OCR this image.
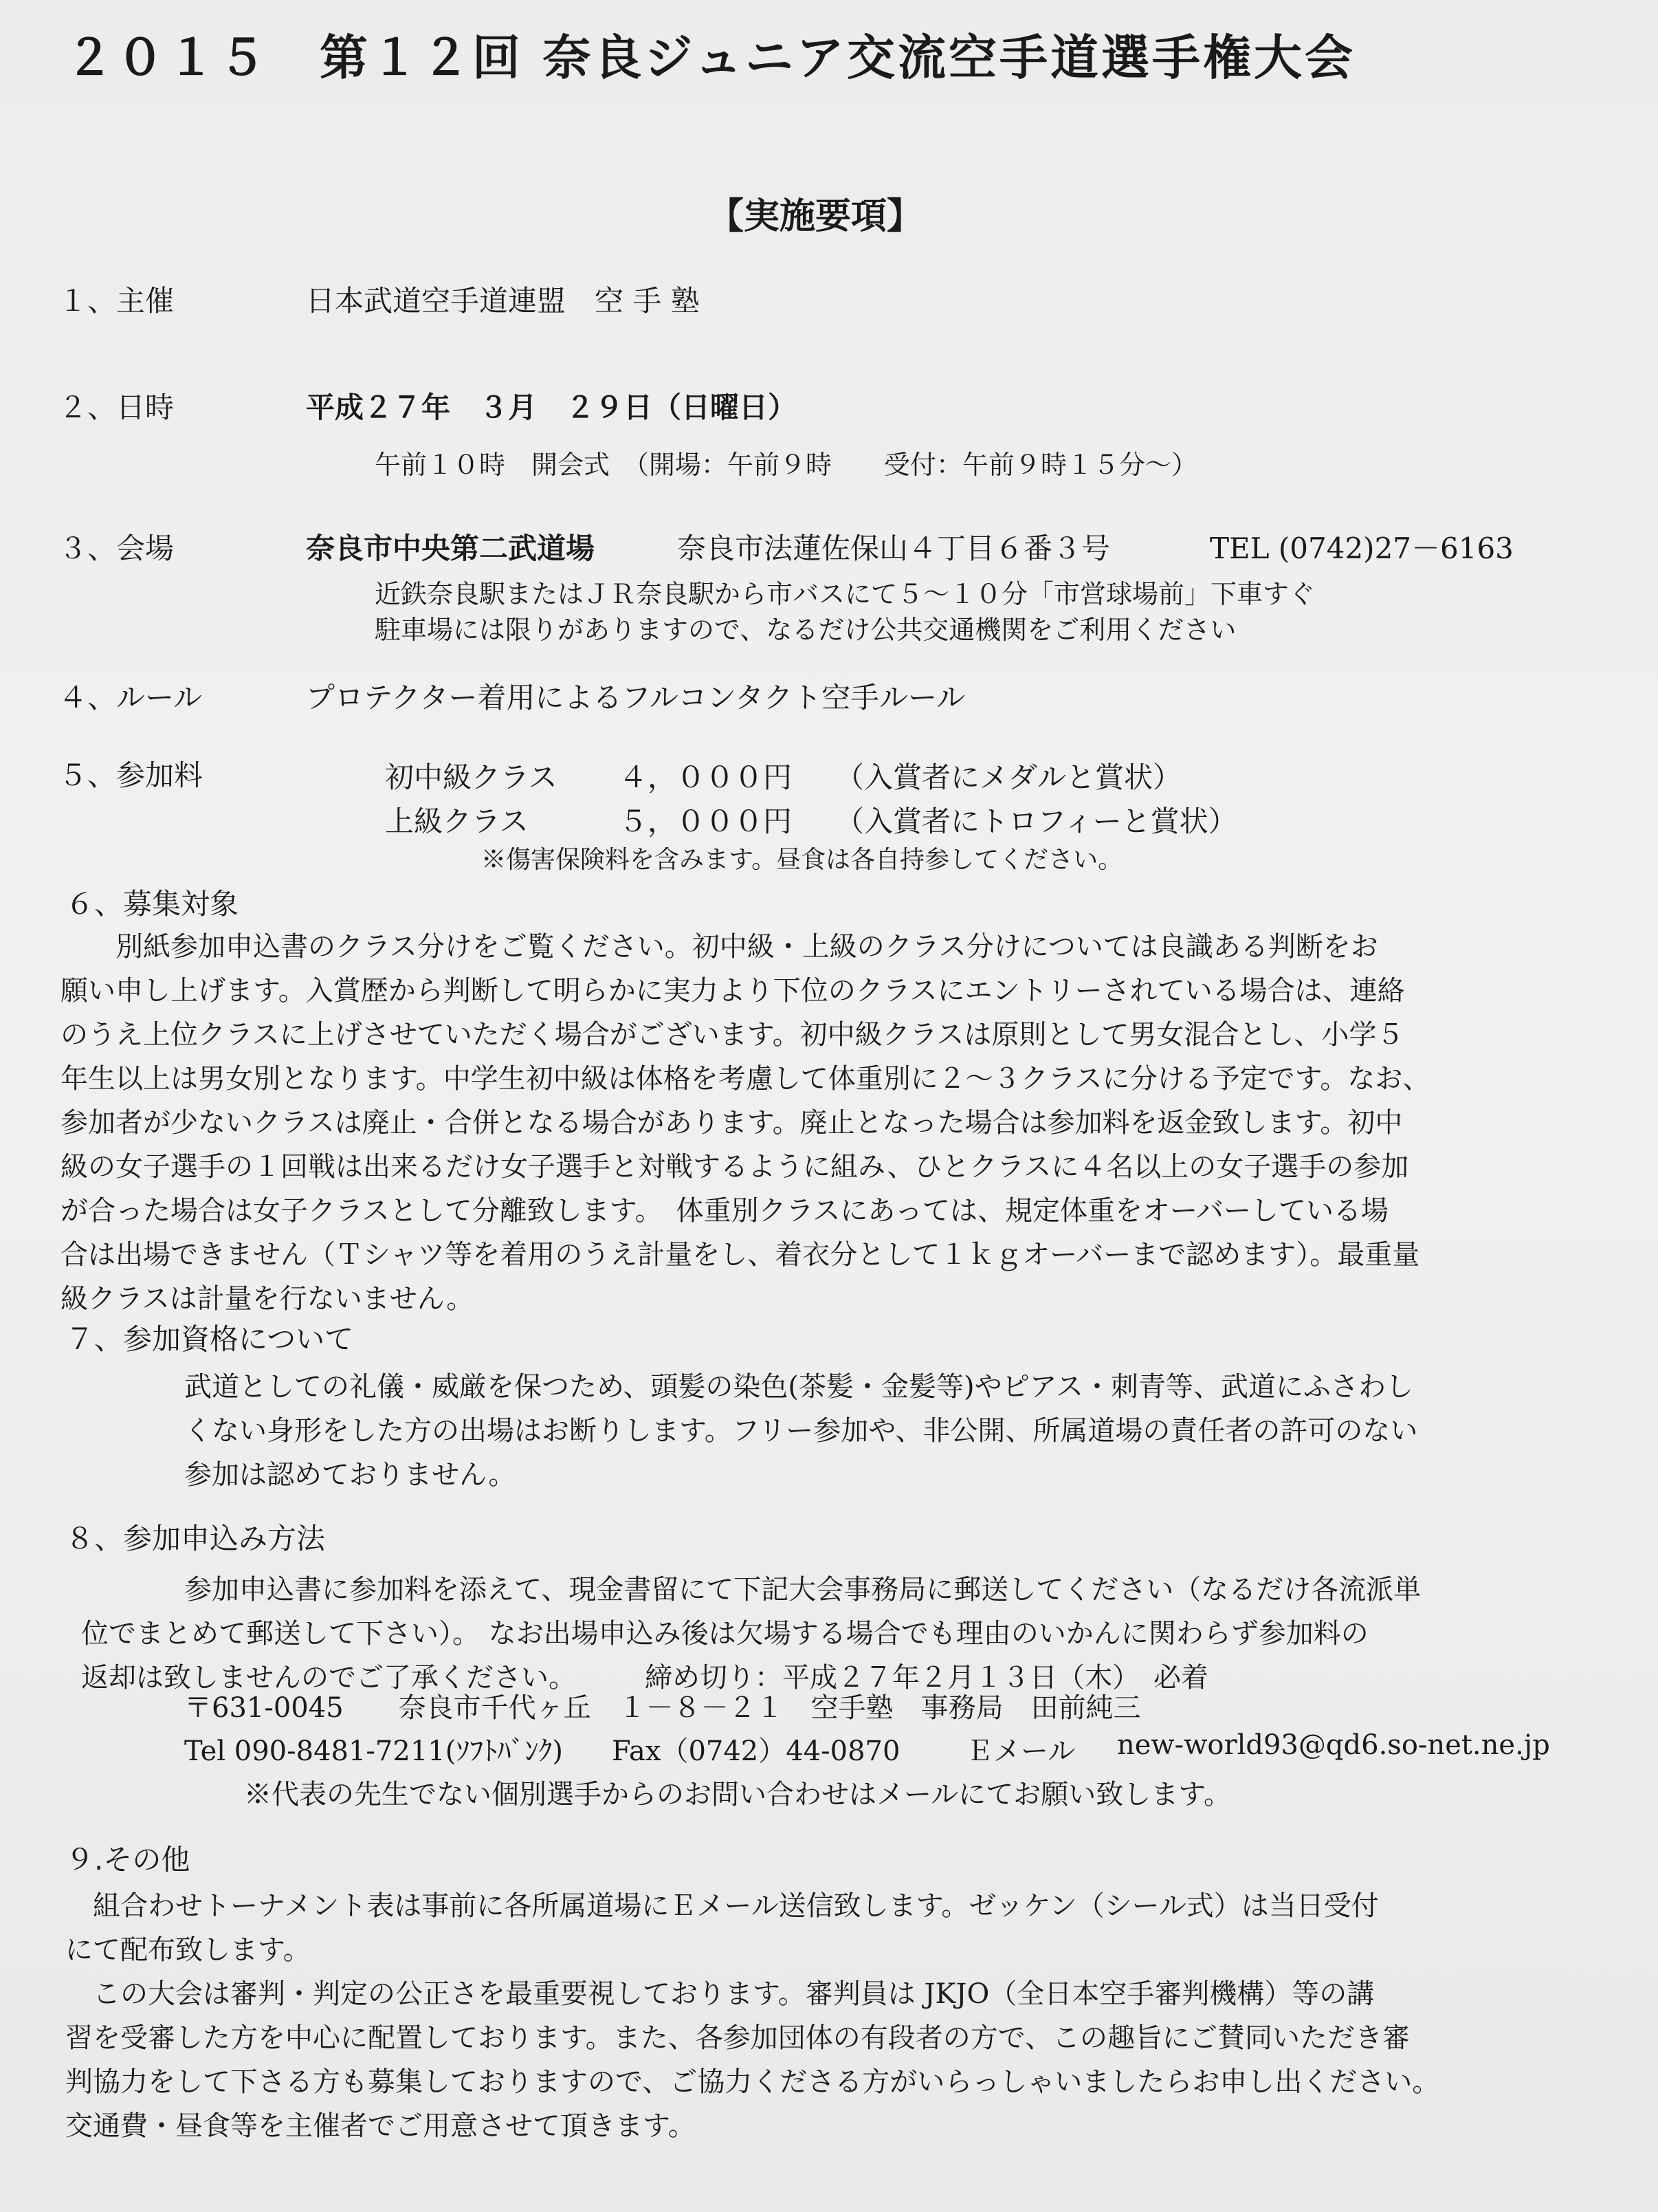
２０１５　第１２回 奈良ジュニア交流空手道選手権大会
【実施要項】
１、主催	日本武道空手道連盟　空 手 塾
２、日時	平成２７年　３月　２９日（日曜日）
午前１０時　開会式　（開場：午前９時　　受付：午前９時１５分～）
３、会場	奈良市中央第二武道場	奈良市法蓮佐保山４丁目６番３号	TEL (0742)27－6163
近鉄奈良駅またはＪＲ奈良駅から市バスにて５～１０分「市営球場前」下車すぐ
駐車場には限りがありますので、なるだけ公共交通機関をご利用ください
４、ルール	プロテクター着用によるフルコンタクト空手ルール
５、参加料	初中級クラス ４，０００円 （入賞者にメダルと賞状）
上級クラス	５，０００円 （入賞者にトロフィーと賞状）
※傷害保険料を含みます。昼食は各自持参してください。
６、募集対象

　　別紙参加申込書のクラス分けをご覧ください。初中級・上級のクラス分けについては良識ある判断をお

願い申し上げます。入賞歴から判断して明らかに実力より下位のクラスにエントリーされている場合は、連絡

のうえ上位クラスに上げさせていただく場合がございます。初中級クラスは原則として男女混合とし、小学５

年生以上は男女別となります。中学生初中級は体格を考慮して体重別に２～３クラスに分ける予定です。なお、

参加者が少ないクラスは廃止・合併となる場合があります。廃止となった場合は参加料を返金致します。初中

級の女子選手の１回戦は出来るだけ女子選手と対戦するように組み、ひとクラスに４名以上の女子選手の参加

が合った場合は女子クラスとして分離致します。　体重別クラスにあっては、規定体重をオーバーしている場

合は出場できません（Ｔシャツ等を着用のうえ計量をし、着衣分として１ｋｇオーバーまで認めます）。最重量

級クラスは計量を行ないません。

７、参加資格について

武道としての礼儀・威厳を保つため、頭髪の染色(茶髪・金髪等)やピアス・刺青等、武道にふさわし

くない身形をした方の出場はお断りします。フリー参加や、非公開、所属道場の責任者の許可のない

参加は認めておりません。

８、参加申込み方法

参加申込書に参加料を添えて、現金書留にて下記大会事務局に郵送してください（なるだけ各流派単

位でまとめて郵送して下さい）。 なお出場申込み後は欠場する場合でも理由のいかんに関わらず参加料の

返却は致しませんのでご了承ください。　　　締め切り：平成２７年２月１３日（木）　必着

〒631-0045　　奈良市千代ヶ丘　１－８－２１　空手塾　事務局　田前純三
Tel 090-8481-7211(ｿﾌﾄﾊﾞﾝｸ) Fax（0742）44-0870 Ｅメール new-world93@qd6.so-net.ne.jp
※代表の先生でない個別選手からのお問い合わせはメールにてお願い致します。
９.その他

　組合わせトーナメント表は事前に各所属道場にＥメール送信致します。ゼッケン（シール式）は当日受付

にて配布致します。

　この大会は審判・判定の公正さを最重要視しております。審判員は JKJO（全日本空手審判機構）等の講

習を受審した方を中心に配置しております。また、各参加団体の有段者の方で、この趣旨にご賛同いただき審

判協力をして下さる方も募集しておりますので、ご協力くださる方がいらっしゃいましたらお申し出ください。

交通費・昼食等を主催者でご用意させて頂きます。
